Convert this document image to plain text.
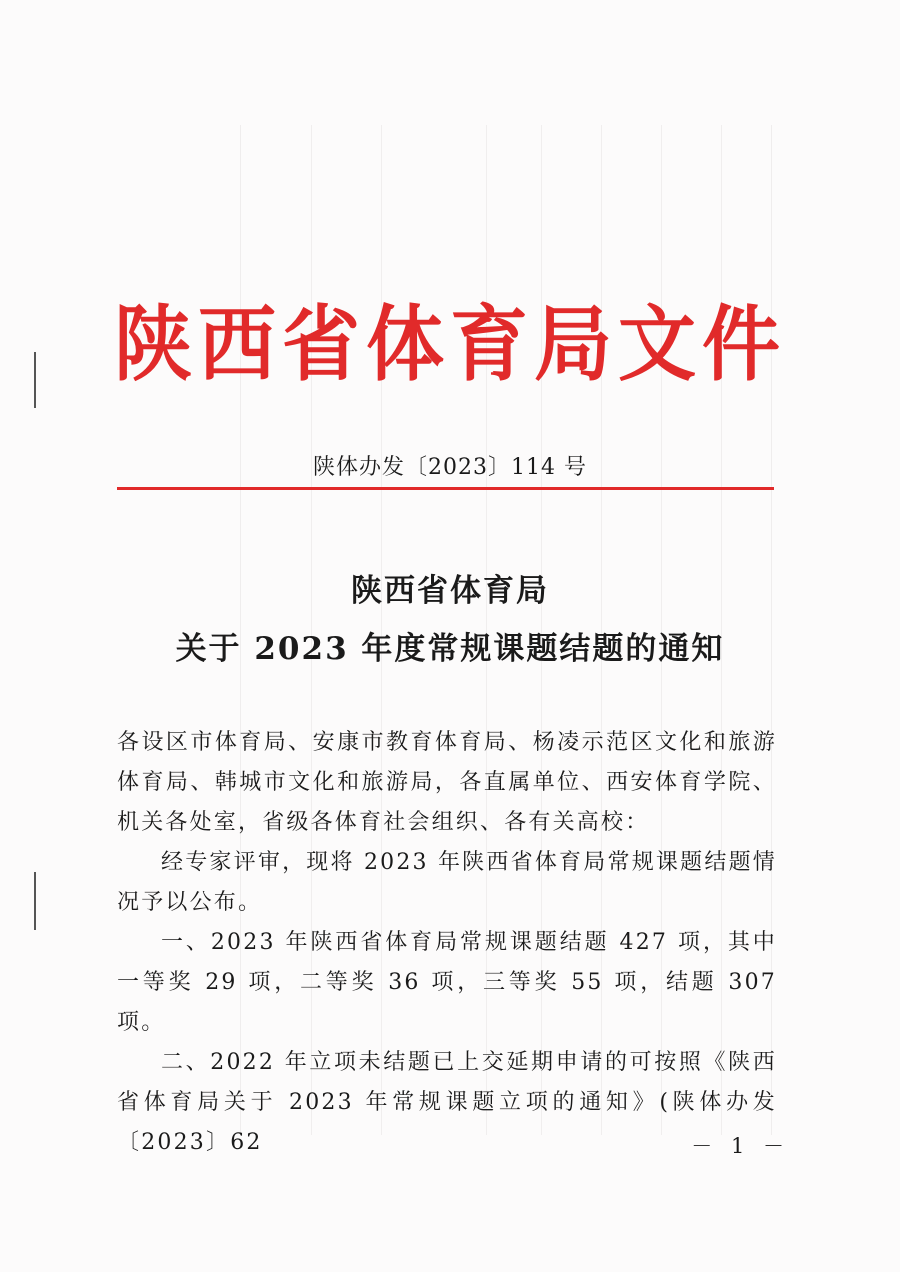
陕西省体育局文件
陕体办发〔2023〕114 号
陕西省体育局
关于 2023 年度常规课题结题的通知

各设区市体育局、安康市教育体育局、杨凌示范区文化和旅游体育局、韩城市文化和旅游局，各直属单位、西安体育学院、机关各处室，省级各体育社会组织、各有关高校：

经专家评审，现将 2023 年陕西省体育局常规课题结题情况予以公布。

一、2023 年陕西省体育局常规课题结题 427 项，其中一等奖 29 项，二等奖 36 项，三等奖 55 项，结题 307 项。

二、2022 年立项未结题已上交延期申请的可按照《陕西省体育局关于 2023 年常规课题立项的通知》(陕体办发〔2023〕62	－ 1 －
